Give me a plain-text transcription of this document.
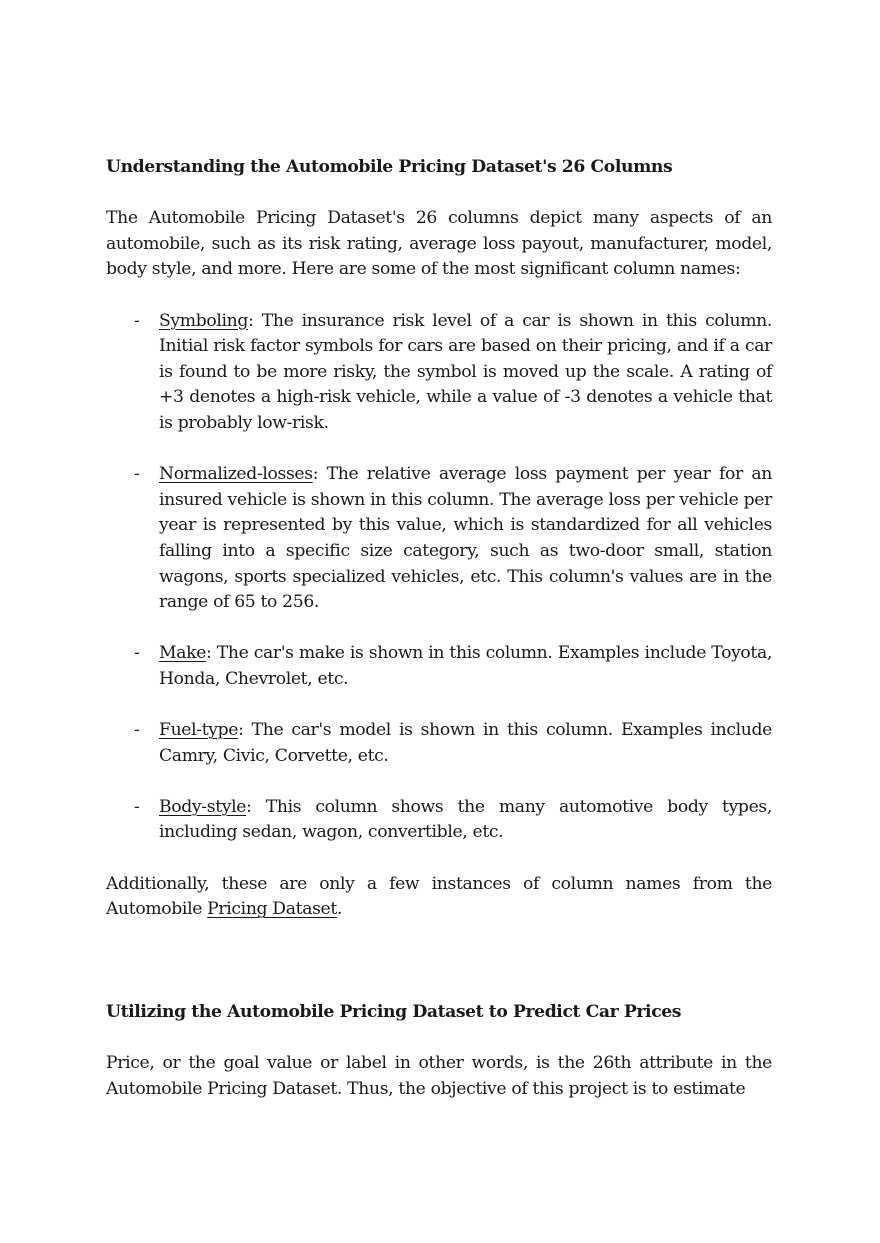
Understanding the Automobile Pricing Dataset's 26 Columns

The Automobile Pricing Dataset's 26 columns depict many aspects of an automobile, such as its risk rating, average loss payout, manufacturer, model, body style, and more. Here are some of the most significant column names:

- Symboling: The insurance risk level of a car is shown in this column. Initial risk factor symbols for cars are based on their pricing, and if a car is found to be more risky, the symbol is moved up the scale. A rating of +3 denotes a high-risk vehicle, while a value of -3 denotes a vehicle that is probably low-risk.
- Normalized-losses: The relative average loss payment per year for an insured vehicle is shown in this column. The average loss per vehicle per year is represented by this value, which is standardized for all vehicles falling into a specific size category, such as two-door small, station wagons, sports specialized vehicles, etc. This column's values are in the range of 65 to 256.
- Make: The car's make is shown in this column. Examples include Toyota, Honda, Chevrolet, etc.
- Fuel-type: The car's model is shown in this column. Examples include Camry, Civic, Corvette, etc.
- Body-style: This column shows the many automotive body types, including sedan, wagon, convertible, etc.

Additionally, these are only a few instances of column names from the Automobile Pricing Dataset.

Utilizing the Automobile Pricing Dataset to Predict Car Prices

Price, or the goal value or label in other words, is the 26th attribute in the Automobile Pricing Dataset. Thus, the objective of this project is to estimate
